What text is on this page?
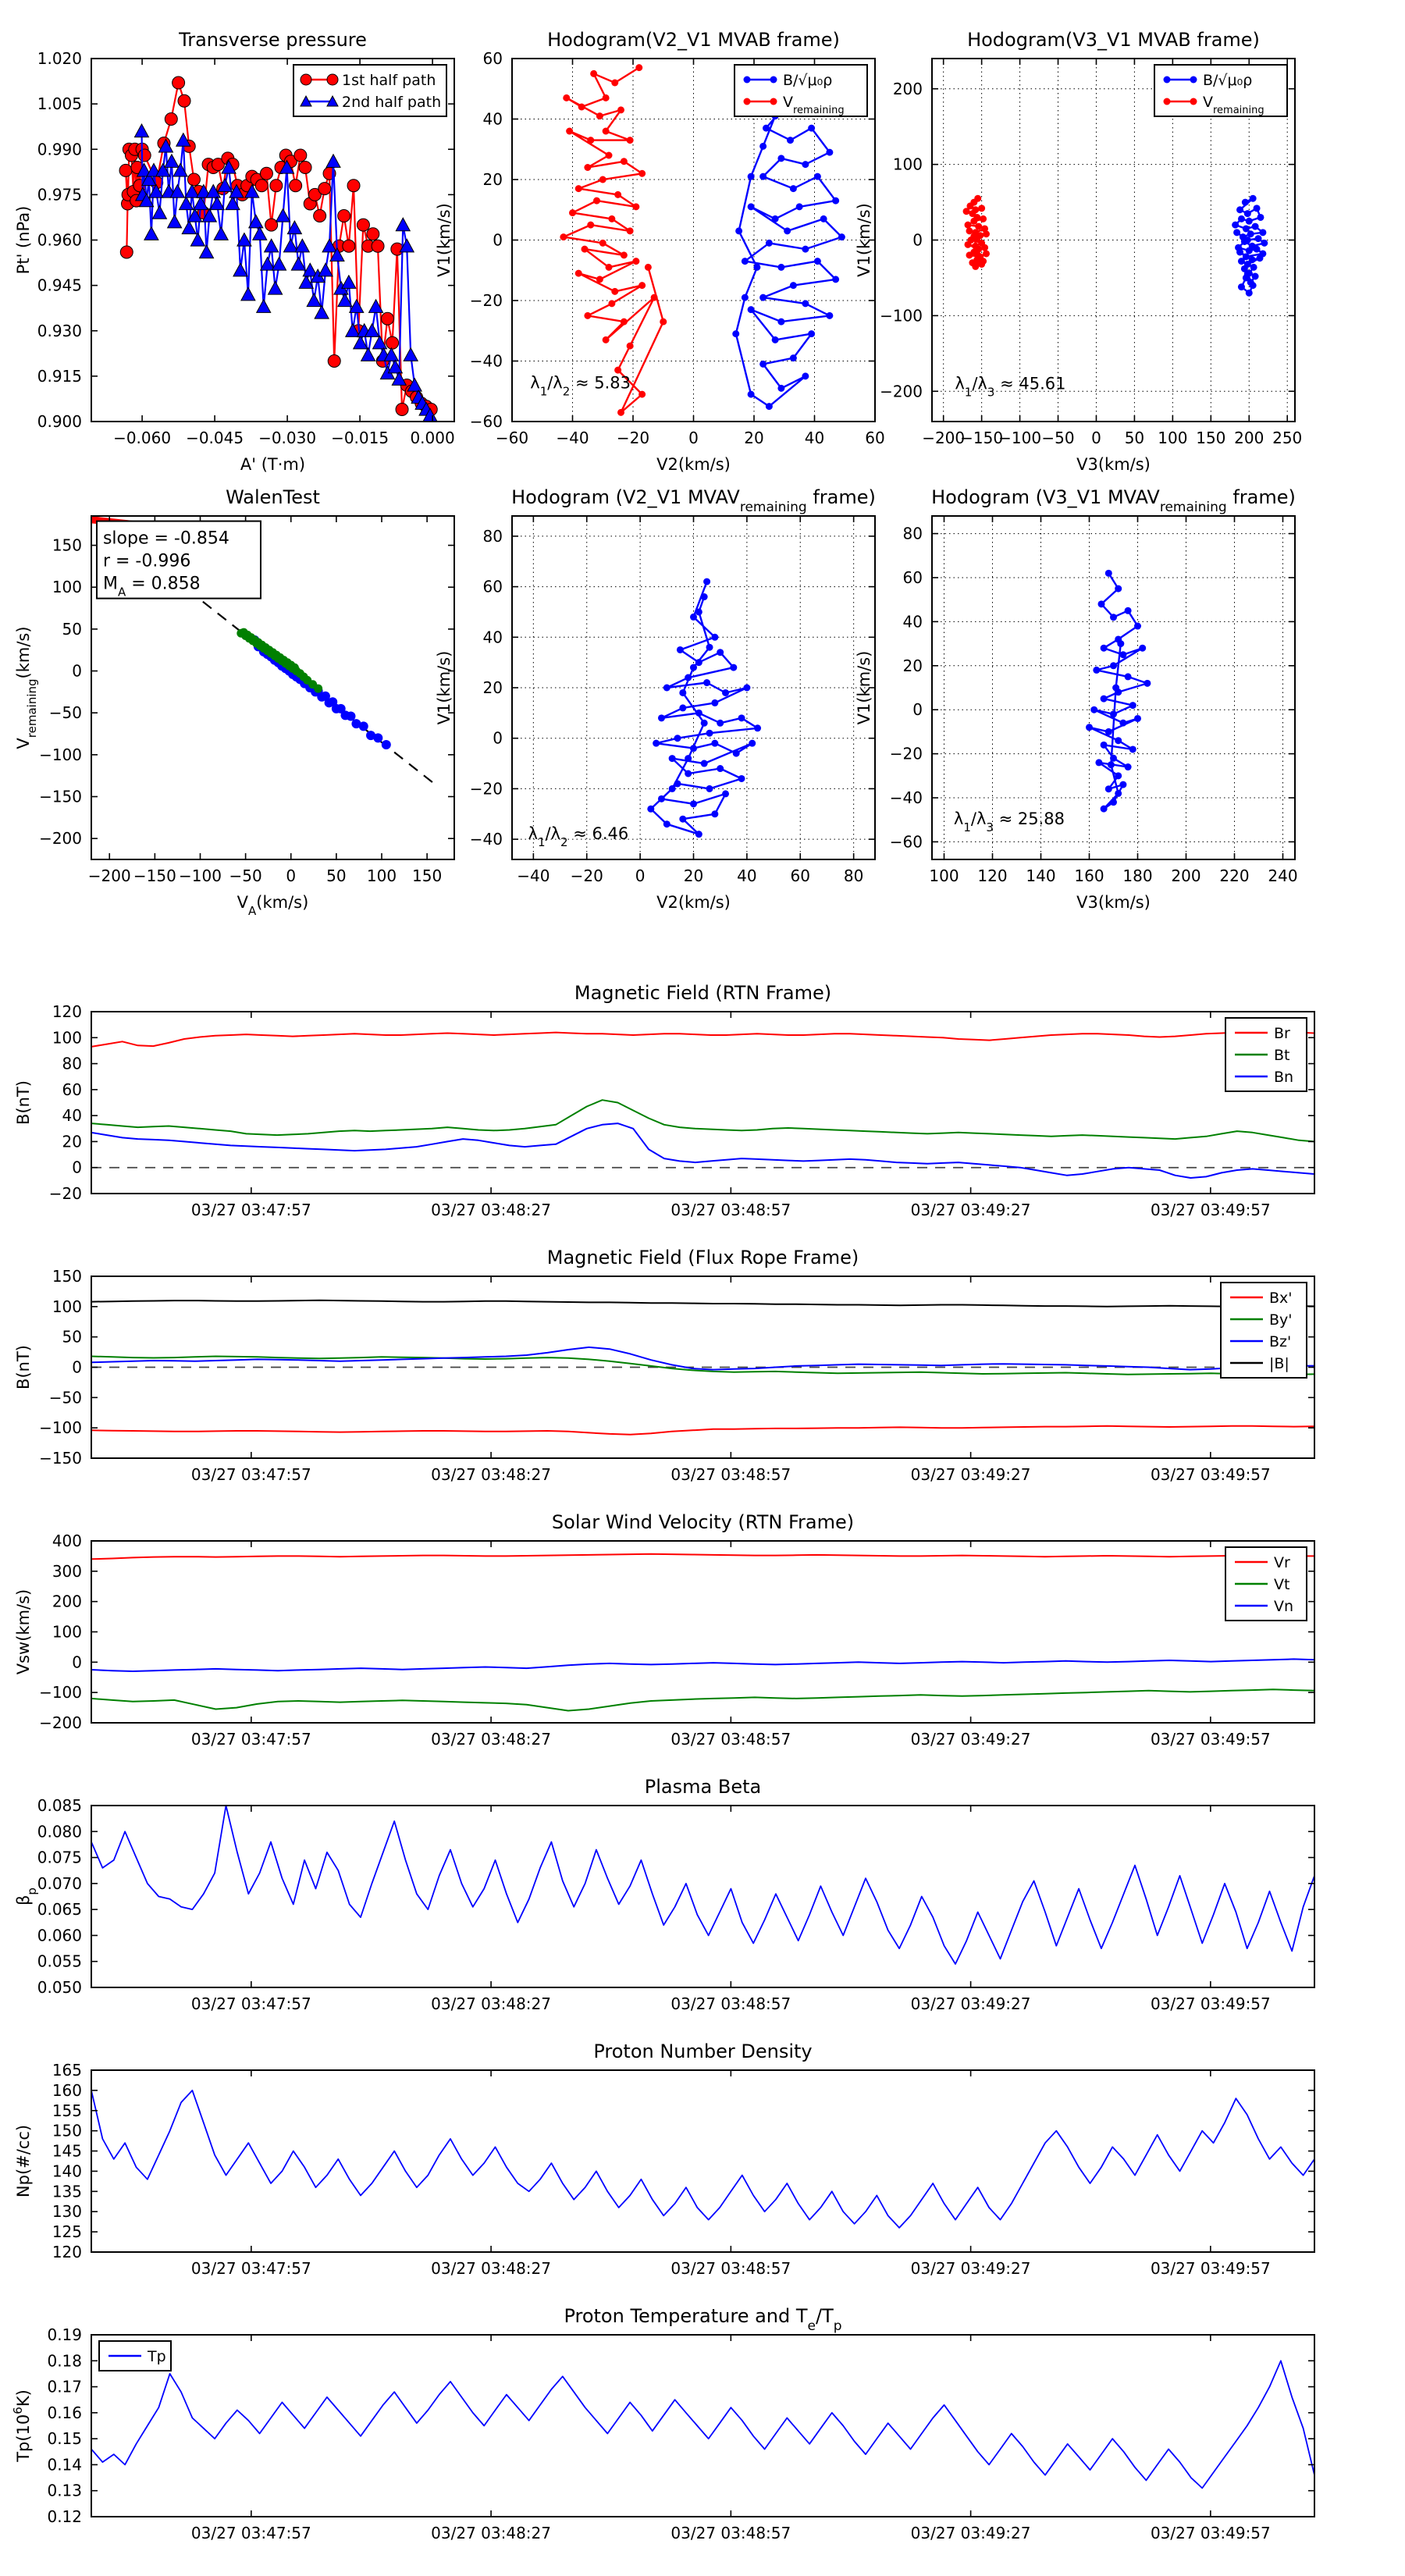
−0.060 −0.045 −0.030 −0.015 0.000
0.900
0.915
0.930
0.945
0.960
0.975
0.990
1.005
1.020
Transverse pressure
A' (T·m)
Pt' (nPa)
1st half path
2nd half path
−60 −40 −20	0	20	40	60
−60
−40
−20
0
20
40
60
Hodogram(V2_V1 MVAB frame)
V2(km/s)
V1(km/s)
B/√μ₀ρ
$V_{remaining}$
$\lambda_1/\lambda_2 \approx 5.83$
−200
−150
−100 −50 0 50 100 150 200 250
−200
−100
0
100
200
Hodogram(V3_V1 MVAB frame)
V3(km/s)
V1(km/s)
B/√μ₀ρ
$V_{remaining}$
$\lambda_1/\lambda_3 \approx 45.61$
−200 −150 −100 −50 0 50 100 150
−200
−150
−100
−50
0
50
100
150
WalenTest
$V_A(km/s)$
$V_{remaining}(km/s)$
slope = -0.854
r = -0.996
$M_A = 0.858$
−40 −20 0 20 40 60 80
−40
−20
0
20
40
60
80
Hodogram (V2_V1 $MVAV_{remaining}$ frame)
V2(km/s)
V1(km/s)
$\lambda_1/\lambda_2 \approx 6.46$
100 120 140 160 180 200 220 240
−60
−40
−20
0
20
40
60
80
Hodogram (V3_V1 $MVAV_{remaining}$ frame)
V3(km/s)
V1(km/s)
$\lambda_1/\lambda_3 \approx 25.88$
03/27 03:47:57	03/27 03:48:27	03/27 03:48:57	03/27 03:49:27	03/27 03:49:57
−20
0
20
40
60
80
100
120
Magnetic Field (RTN Frame)
B(nT)
Br
Bt
Bn
03/27 03:47:57	03/27 03:48:27	03/27 03:48:57	03/27 03:49:27	03/27 03:49:57
−150
−100
−50
0
50
100
150
Magnetic Field (Flux Rope Frame)
B(nT)
Bx'
By'
Bz'
|B|
03/27 03:47:57	03/27 03:48:27	03/27 03:48:57	03/27 03:49:27	03/27 03:49:57
−200
−100
0
100
200
300
400
Solar Wind Velocity (RTN Frame)
Vsw(km/s)
Vr
Vt
Vn
03/27 03:47:57	03/27 03:48:27	03/27 03:48:57	03/27 03:49:27	03/27 03:49:57
0.050
0.055
0.060
0.065
0.070
0.075
0.080
0.085
Plasma Beta
$\beta_p$
03/27 03:47:57	03/27 03:48:27	03/27 03:48:57	03/27 03:49:27	03/27 03:49:57
120
125
130
135
140
145
150
155
160
165
Proton Number Density
Np(#/cc)
03/27 03:47:57	03/27 03:48:27	03/27 03:48:57	03/27 03:49:27	03/27 03:49:57
0.12
0.13
0.14
0.15
0.16
0.17
0.18
0.19
Proton Temperature and $T_e/T_p$
$Tp(10^6K)$
Tp
